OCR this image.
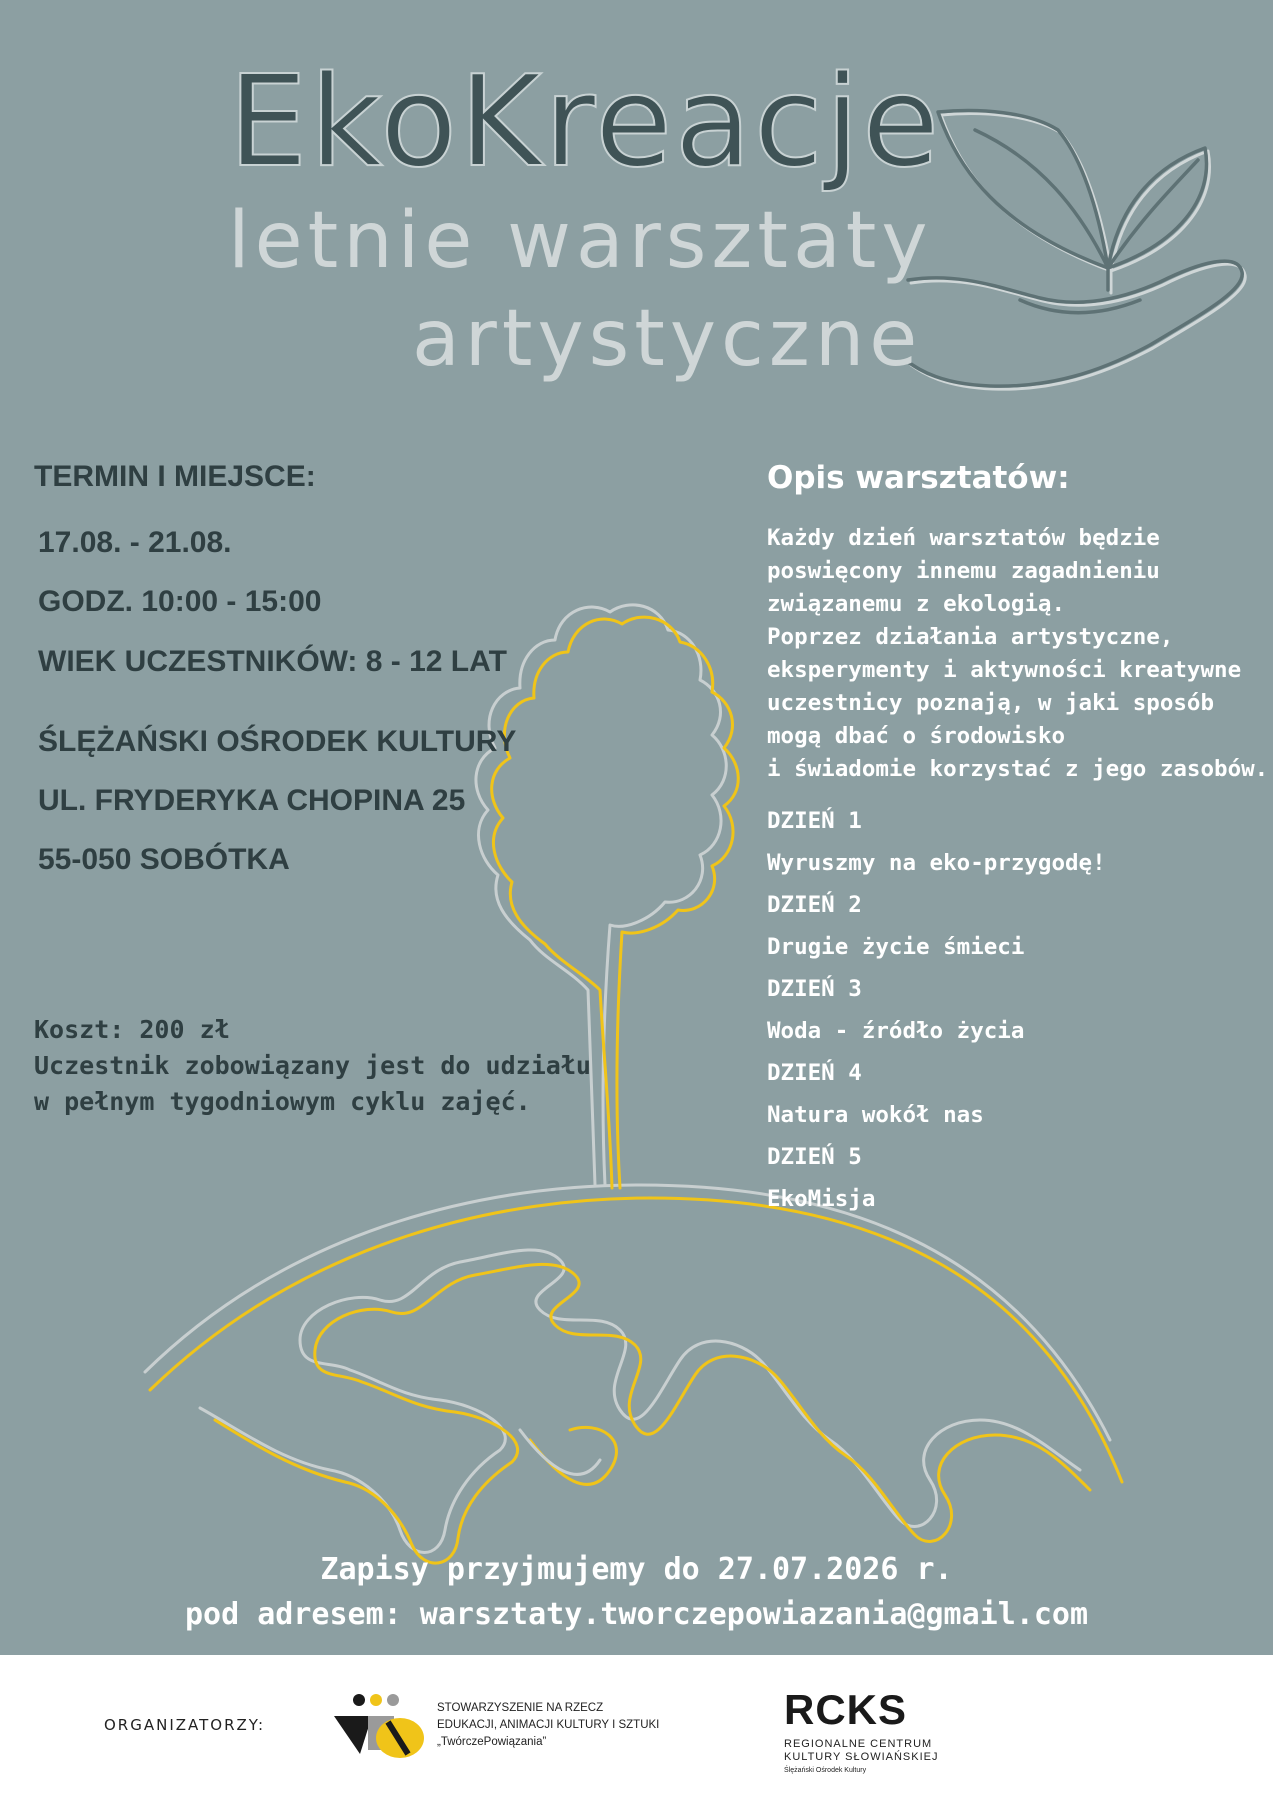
EkoKreacje
letnie warsztaty
artystyczne
TERMIN I MIEJSCE:
17.08. - 21.08.
GODZ. 10:00 - 15:00
WIEK UCZESTNIKÓW: 8 - 12 LAT
ŚLĘŻAŃSKI OŚRODEK KULTURY
UL. FRYDERYKA CHOPINA 25
55-050 SOBÓTKA
Koszt: 200 zł
Uczestnik zobowiązany jest do udziału
w pełnym tygodniowym cyklu zajęć.
Opis warsztatów:
Każdy dzień warsztatów będzie
poswięcony innemu zagadnieniu
związanemu z ekologią.
Poprzez działania artystyczne,
eksperymenty i aktywności kreatywne
uczestnicy poznają, w jaki sposób
mogą dbać o środowisko
i świadomie korzystać z jego zasobów.
DZIEŃ 1
Wyruszmy na eko-przygodę!
DZIEŃ 2
Drugie życie śmieci
DZIEŃ 3
Woda - źródło życia
DZIEŃ 4
Natura wokół nas
DZIEŃ 5
EkoMisja
Zapisy przyjmujemy do 27.07.2026 r.
pod adresem: warsztaty.tworczepowiazania@gmail.com
ORGANIZATORZY:
STOWARZYSZENIE NA RZECZ
EDUKACJI, ANIMACJI KULTURY I SZTUKI
„TwórczePowiązania”
RCKS
REGIONALNE CENTRUM
KULTURY SŁOWIAŃSKIEJ
Ślężański Ośrodek Kultury
